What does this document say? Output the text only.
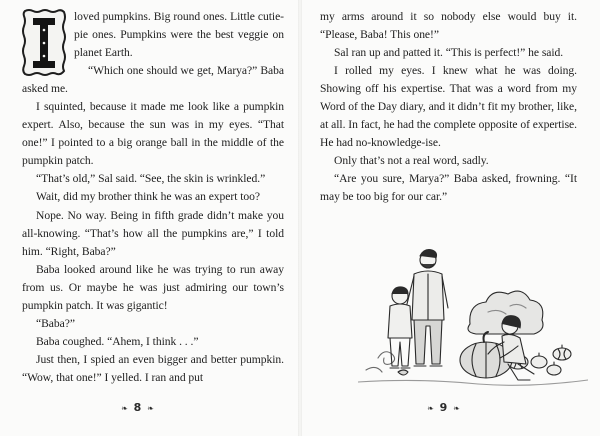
loved pumpkins. Big round ones. Little cutie-pie ones. Pumpkins were the best veggie on planet Earth.

“Which one should we get, Marya?” Baba asked me.

I squinted, because it made me look like a pumpkin expert. Also, because the sun was in my eyes. “That one!” I pointed to a big orange ball in the middle of the pumpkin patch.

“That’s old,” Sal said. “See, the skin is wrinkled.”

Wait, did my brother think he was an expert too?

Nope. No way. Being in fifth grade didn’t make you all-knowing. “That’s how all the pumpkins are,” I told him. “Right, Baba?”

Baba looked around like he was trying to run away from us. Or maybe he was just admiring our town’s pumpkin patch. It was gigantic!

“Baba?”

Baba coughed. “Ahem, I think . . .”

Just then, I spied an even bigger and better pumpkin. “Wow, that one!” I yelled. I ran and put

❧ 8 ❧

my arms around it so nobody else would buy it. “Please, Baba! This one!”

Sal ran up and patted it. “This is perfect!” he said.

I rolled my eyes. I knew what he was doing. Showing off his expertise. That was a word from my Word of the Day diary, and it didn’t fit my brother, like, at all. In fact, he had the complete opposite of expertise. He had no-knowledge-ise.

Only that’s not a real word, sadly.

“Are you sure, Marya?” Baba asked, frowning. “It may be too big for our car.”

❧ 9 ❧
